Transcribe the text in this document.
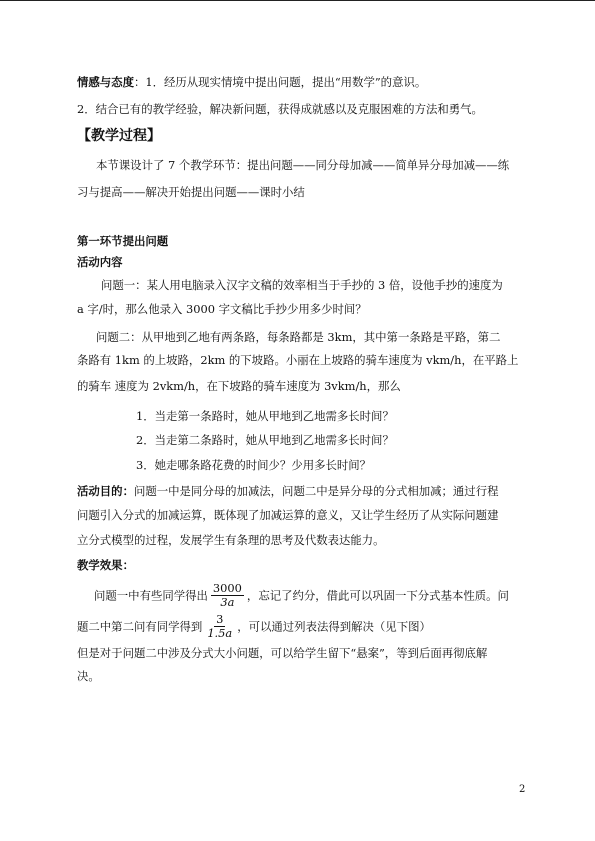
情感与态度：1．经历从现实情境中提出问题，提出“用数学”的意识。
2．结合已有的教学经验，解决新问题，获得成就感以及克服困难的方法和勇气。
【教学过程】
本节课设计了 7 个教学环节：提出问题——同分母加减——简单异分母加减——练
习与提高——解决开始提出问题——课时小结
第一环节提出问题
活动内容
问题一：某人用电脑录入汉字文稿的效率相当于手抄的 3 倍，设他手抄的速度为
a 字/时，那么他录入 3000 字文稿比手抄少用多少时间？
问题二：从甲地到乙地有两条路，每条路都是 3km，其中第一条路是平路，第二
条路有 1km 的上坡路，2km 的下坡路。小丽在上坡路的骑车速度为 vkm/h，在平路上
的骑车 速度为 2vkm/h，在下坡路的骑车速度为 3vkm/h，那么
1．当走第一条路时，她从甲地到乙地需多长时间？
2．当走第二条路时，她从甲地到乙地需多长时间？
3．她走哪条路花费的时间少？少用多长时间？
活动目的：问题一中是同分母的加减法，问题二中是异分母的分式相加减；通过行程
问题引入分式的加减运算，既体现了加减运算的意义，又让学生经历了从实际问题建
立分式模型的过程，发展学生有条理的思考及代数表达能力。
教学效果：
问题一中有些同学得出 $\frac{3000}{3a}$ ，忘记了约分，借此可以巩固一下分式基本性质。问
题二中第二问有同学得到 $\frac{3}{1.5a}$ ，可以通过列表法得到解决（见下图）
但是对于问题二中涉及分式大小问题，可以给学生留下“悬案”，等到后面再彻底解
决。
2
